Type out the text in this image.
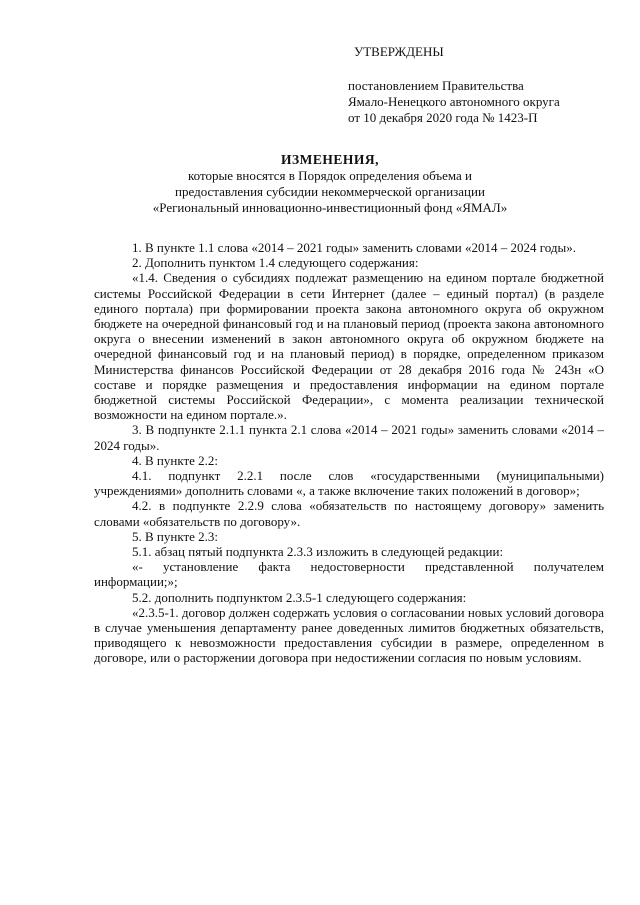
УТВЕРЖДЕНЫ
постановлением Правительства
Ямало-Ненецкого автономного округа
от 10 декабря 2020 года № 1423-П
ИЗМЕНЕНИЯ,
которые вносятся в Порядок определения объема и
предоставления субсидии некоммерческой организации
«Региональный инновационно-инвестиционный фонд «ЯМАЛ»

1. В пункте 1.1 слова «2014 – 2021 годы» заменить словами «2014 – 2024 годы».

2. Дополнить пунктом 1.4 следующего содержания:

«1.4. Сведения о субсидиях подлежат размещению на едином портале бюджетной системы Российской Федерации в сети Интернет (далее – единый портал) (в разделе единого портала) при формировании проекта закона автономного округа об окружном бюджете на очередной финансовый год и на плановый период (проекта закона автономного округа о внесении изменений в закон автономного округа об окружном бюджете на очередной финансовый год и на плановый период) в порядке, определенном приказом Министерства финансов Российской Федерации от 28 декабря 2016 года № 243н «О составе и порядке размещения и предоставления информации на едином портале бюджетной системы Российской Федерации», с момента реализации технической возможности на едином портале.».

3. В подпункте 2.1.1 пункта 2.1 слова «2014 – 2021 годы» заменить словами «2014 – 2024 годы».

4. В пункте 2.2:

4.1. подпункт 2.2.1 после слов «государственными (муниципальными) учреждениями» дополнить словами «, а также включение таких положений в договор»;

4.2. в подпункте 2.2.9 слова «обязательств по настоящему договору» заменить словами «обязательств по договору».

5. В пункте 2.3:

5.1. абзац пятый подпункта 2.3.3 изложить в следующей редакции:

«- установление факта недостоверности представленной получателем информации;»;

5.2. дополнить подпунктом 2.3.5-1 следующего содержания:

«2.3.5-1. договор должен содержать условия о согласовании новых условий договора в случае уменьшения департаменту ранее доведенных лимитов бюджетных обязательств, приводящего к невозможности предоставления субсидии в размере, определенном в договоре, или о расторжении договора при недостижении согласия по новым условиям.
